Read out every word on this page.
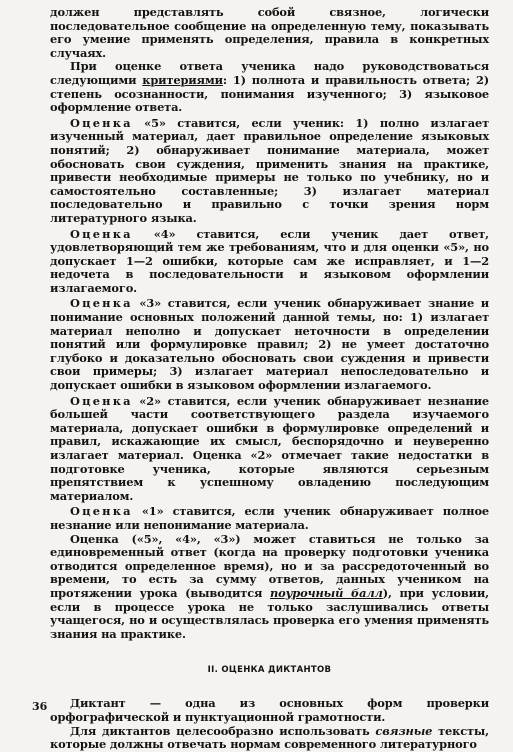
должен представлять собой связное, логически последовательное сообщение на определенную тему, показывать его умение применять определения, правила в конкретных случаях.

При оценке ответа ученика надо руководствоваться следующими критериями: 1) полнота и правильность ответа; 2) степень осознанности, понимания изученного; 3) языковое оформление ответа.

Оценка «5» ставится, если ученик: 1) полно излагает изученный материал, дает правильное определение языковых понятий; 2) обнаруживает понимание материала, может обосновать свои суждения, применить знания на практике, привести необходимые примеры не только по учебнику, но и самостоятельно составленные; 3) излагает материал последовательно и правильно с точки зрения норм литературного языка.

Оценка «4» ставится, если ученик дает ответ, удовлетворяющий тем же требованиям, что и для оценки «5», но допускает 1—2 ошибки, которые сам же исправляет, и 1—2 недочета в последовательности и языковом оформлении излагаемого.

Оценка «3» ставится, если ученик обнаруживает знание и понимание основных положений данной темы, но: 1) излагает материал неполно и допускает неточности в определении понятий или формулировке правил; 2) не умеет достаточно глубоко и доказательно обосновать свои суждения и привести свои примеры; 3) излагает материал непоследовательно и допускает ошибки в языковом оформлении излагаемого.

Оценка «2» ставится, если ученик обнаруживает незнание большей части соответствующего раздела изучаемого материала, допускает ошибки в формулировке определений и правил, искажающие их смысл, беспорядочно и неуверенно излагает материал. Оценка «2» отмечает такие недостатки в подготовке ученика, которые являются серьезным препятствием к успешному овладению последующим материалом.

Оценка «1» ставится, если ученик обнаруживает полное незнание или непонимание материала.

Оценка («5», «4», «3») может ставиться не только за единовременный ответ (когда на проверку подготовки ученика отводится определенное время), но и за рассредоточенный во времени, то есть за сумму ответов, данных учеником на протяжении урока (выводится поурочный балл), при условии, если в процессе урока не только заслушивались ответы учащегося, но и осуществлялась проверка его умения применять знания на практике.

II. ОЦЕНКА ДИКТАНТОВ

Диктант — одна из основных форм проверки орфографической и пунктуационной грамотности.

Для диктантов целесообразно использовать связные тексты, которые должны отвечать нормам современного литературного

36
